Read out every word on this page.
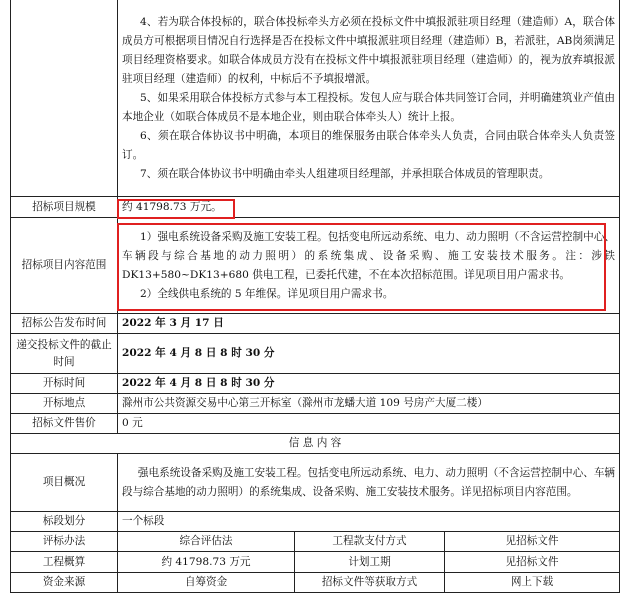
	4、若为联合体投标的，联合体投标牵头方必须在投标文件中填报派驻项目经理（建造师）A，联合体成员方可根据项目情况自行选择是否在投标文件中填报派驻项目经理（建造师）B，若派驻，AB岗须满足项目经理资格要求。如联合体成员方没有在投标文件中填报派驻项目经理（建造师）的，视为放弃填报派驻项目经理（建造师）的权利，中标后不予填报增派。

5、如果采用联合体投标方式参与本工程投标。发包人应与联合体共同签订合同，并明确建筑业产值由本地企业（如联合体成员不是本地企业，则由联合体牵头人）统计上报。

6、须在联合体协议书中明确，本项目的维保服务由联合体牵头人负责，合同由联合体牵头人负责签订。

7、须在联合体协议书中明确由牵头人组建项目经理部，并承担联合体成员的管理职责。		

招标项目规模	约 41798.73 万元。		
招标项目内容范围	1）强电系统设备采购及施工安装工程。包括变电所远动系统、电力、动力照明（不含运营控制中心、车辆段与综合基地的动力照明）的系统集成、设备采购、施工安装技术服务。注：涉铁 DK13+580~DK13+680 供电工程，已委托代建，不在本次招标范围。详见项目用户需求书。

2）全线供电系统的 5 年维保。详见项目用户需求书。		

招标公告发布时间	2022 年 3 月 17 日		
递交投标文件的截止时间	2022 年 4 月 8 日 8 时 30 分		
开标时间	2022 年 4 月 8 日 8 时 30 分		
开标地点	滁州市公共资源交易中心第三开标室（滁州市龙蟠大道 109 号房产大厦二楼）		
招标文件售价	0 元		
信 息 内 容			
项目概况	强电系统设备采购及施工安装工程。包括变电所远动系统、电力、动力照明（不含运营控制中心、车辆段与综合基地的动力照明）的系统集成、设备采购、施工安装技术服务。详见招标项目内容范围。		
标段划分	一个标段		
评标办法	综合评估法	工程款支付方式	见招标文件
工程概算	约 41798.73 万元	计划工期	见招标文件
资金来源	自筹资金	招标文件等获取方式	网上下载
